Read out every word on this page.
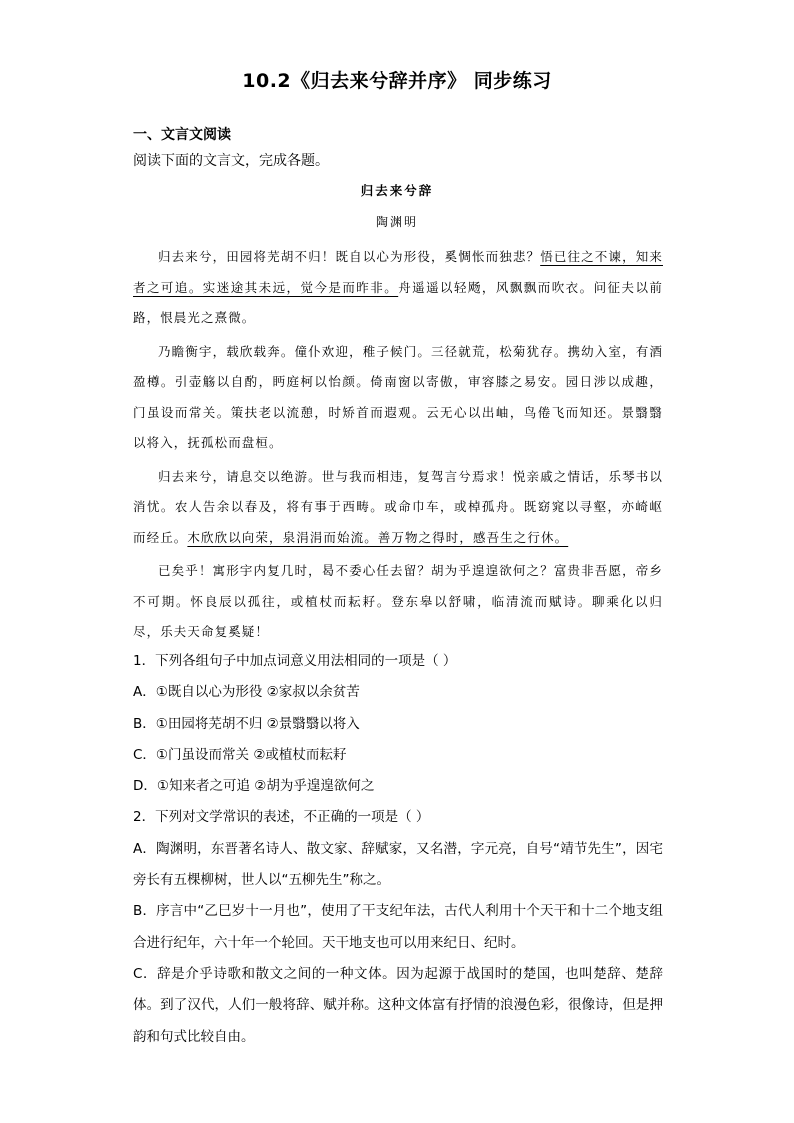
10.2《归去来兮辞并序》 同步练习
一、文言文阅读
阅读下面的文言文，完成各题。
归去来兮辞
陶渊明

归去来兮，田园将芜胡不归！既自以心为形役，奚惆怅而独悲？悟已往之不谏，知来者之可追。实迷途其未远，觉今是而昨非。舟遥遥以轻飏，风飘飘而吹衣。问征夫以前路，恨晨光之熹微。

乃瞻衡宇，载欣载奔。僮仆欢迎，稚子候门。三径就荒，松菊犹存。携幼入室，有酒盈樽。引壶觞以自酌，眄庭柯以怡颜。倚南窗以寄傲，审容膝之易安。园日涉以成趣，门虽设而常关。策扶老以流憩，时矫首而遐观。云无心以出岫，鸟倦飞而知还。景翳翳以将入，抚孤松而盘桓。

归去来兮，请息交以绝游。世与我而相违，复驾言兮焉求！悦亲戚之情话，乐琴书以消忧。农人告余以春及，将有事于西畴。或命巾车，或棹孤舟。既窈窕以寻壑，亦崎岖而经丘。木欣欣以向荣，泉涓涓而始流。善万物之得时，感吾生之行休。

已矣乎！寓形宇内复几时，曷不委心任去留？胡为乎遑遑欲何之？富贵非吾愿，帝乡不可期。怀良辰以孤往，或植杖而耘耔。登东皋以舒啸，临清流而赋诗。聊乘化以归尽，乐夫天命复奚疑！

1．下列各组句子中加点词意义用法相同的一项是（ ）
A．①既自以心为形役 ②家叔以余贫苦
B．①田园将芜胡不归 ②景翳翳以将入
C．①门虽设而常关 ②或植杖而耘耔
D．①知来者之可追 ②胡为乎遑遑欲何之
2．下列对文学常识的表述，不正确的一项是（ ）
A．陶渊明，东晋著名诗人、散文家、辞赋家，又名潜，字元亮，自号“靖节先生”，因宅旁长有五棵柳树，世人以“五柳先生”称之。
B．序言中“乙巳岁十一月也”，使用了干支纪年法，古代人利用十个天干和十二个地支组合进行纪年，六十年一个轮回。天干地支也可以用来纪日、纪时。
C．辞是介乎诗歌和散文之间的一种文体。因为起源于战国时的楚国，也叫楚辞、楚辞体。到了汉代，人们一般将辞、赋并称。这种文体富有抒情的浪漫色彩，很像诗，但是押韵和句式比较自由。
